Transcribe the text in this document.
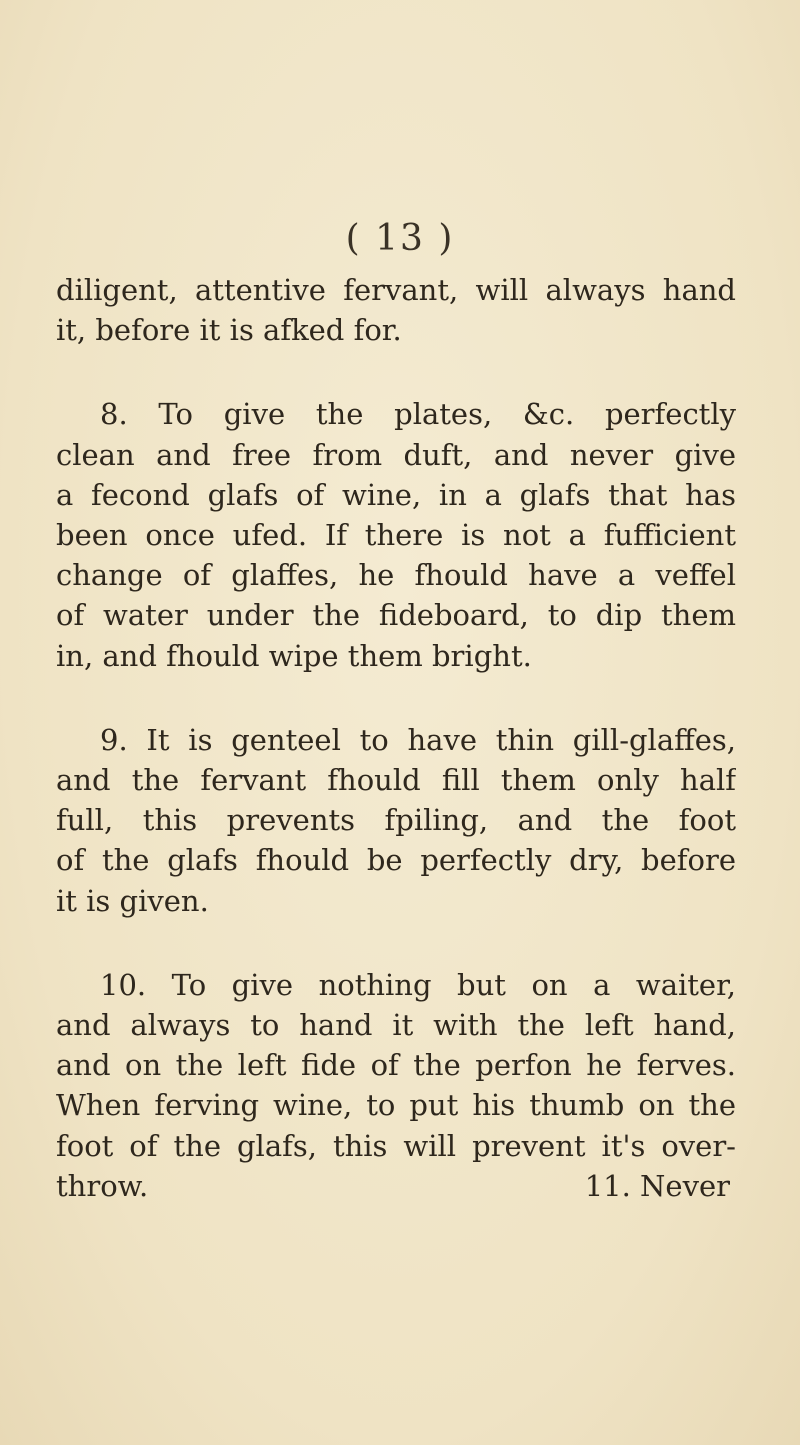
( 13 )
diligent, attentive fervant, will always hand
it, before it is afked for.
8. To give the plates, &c. perfectly
clean and free from duft, and never give
a fecond glafs of wine, in a glafs that has
been once ufed. If there is not a fufficient
change of glaffes, he fhould have a veffel
of water under the fideboard, to dip them
in, and fhould wipe them bright.
9. It is genteel to have thin gill-glaffes,
and the fervant fhould fill them only half
full, this prevents fpiling, and the foot
of the glafs fhould be perfectly dry, before
it is given.
10. To give nothing but on a waiter,
and always to hand it with the left hand,
and on the left fide of the perfon he ferves.
When ferving wine, to put his thumb on the
foot of the glafs, this will prevent it's over-
throw.	11. Never
